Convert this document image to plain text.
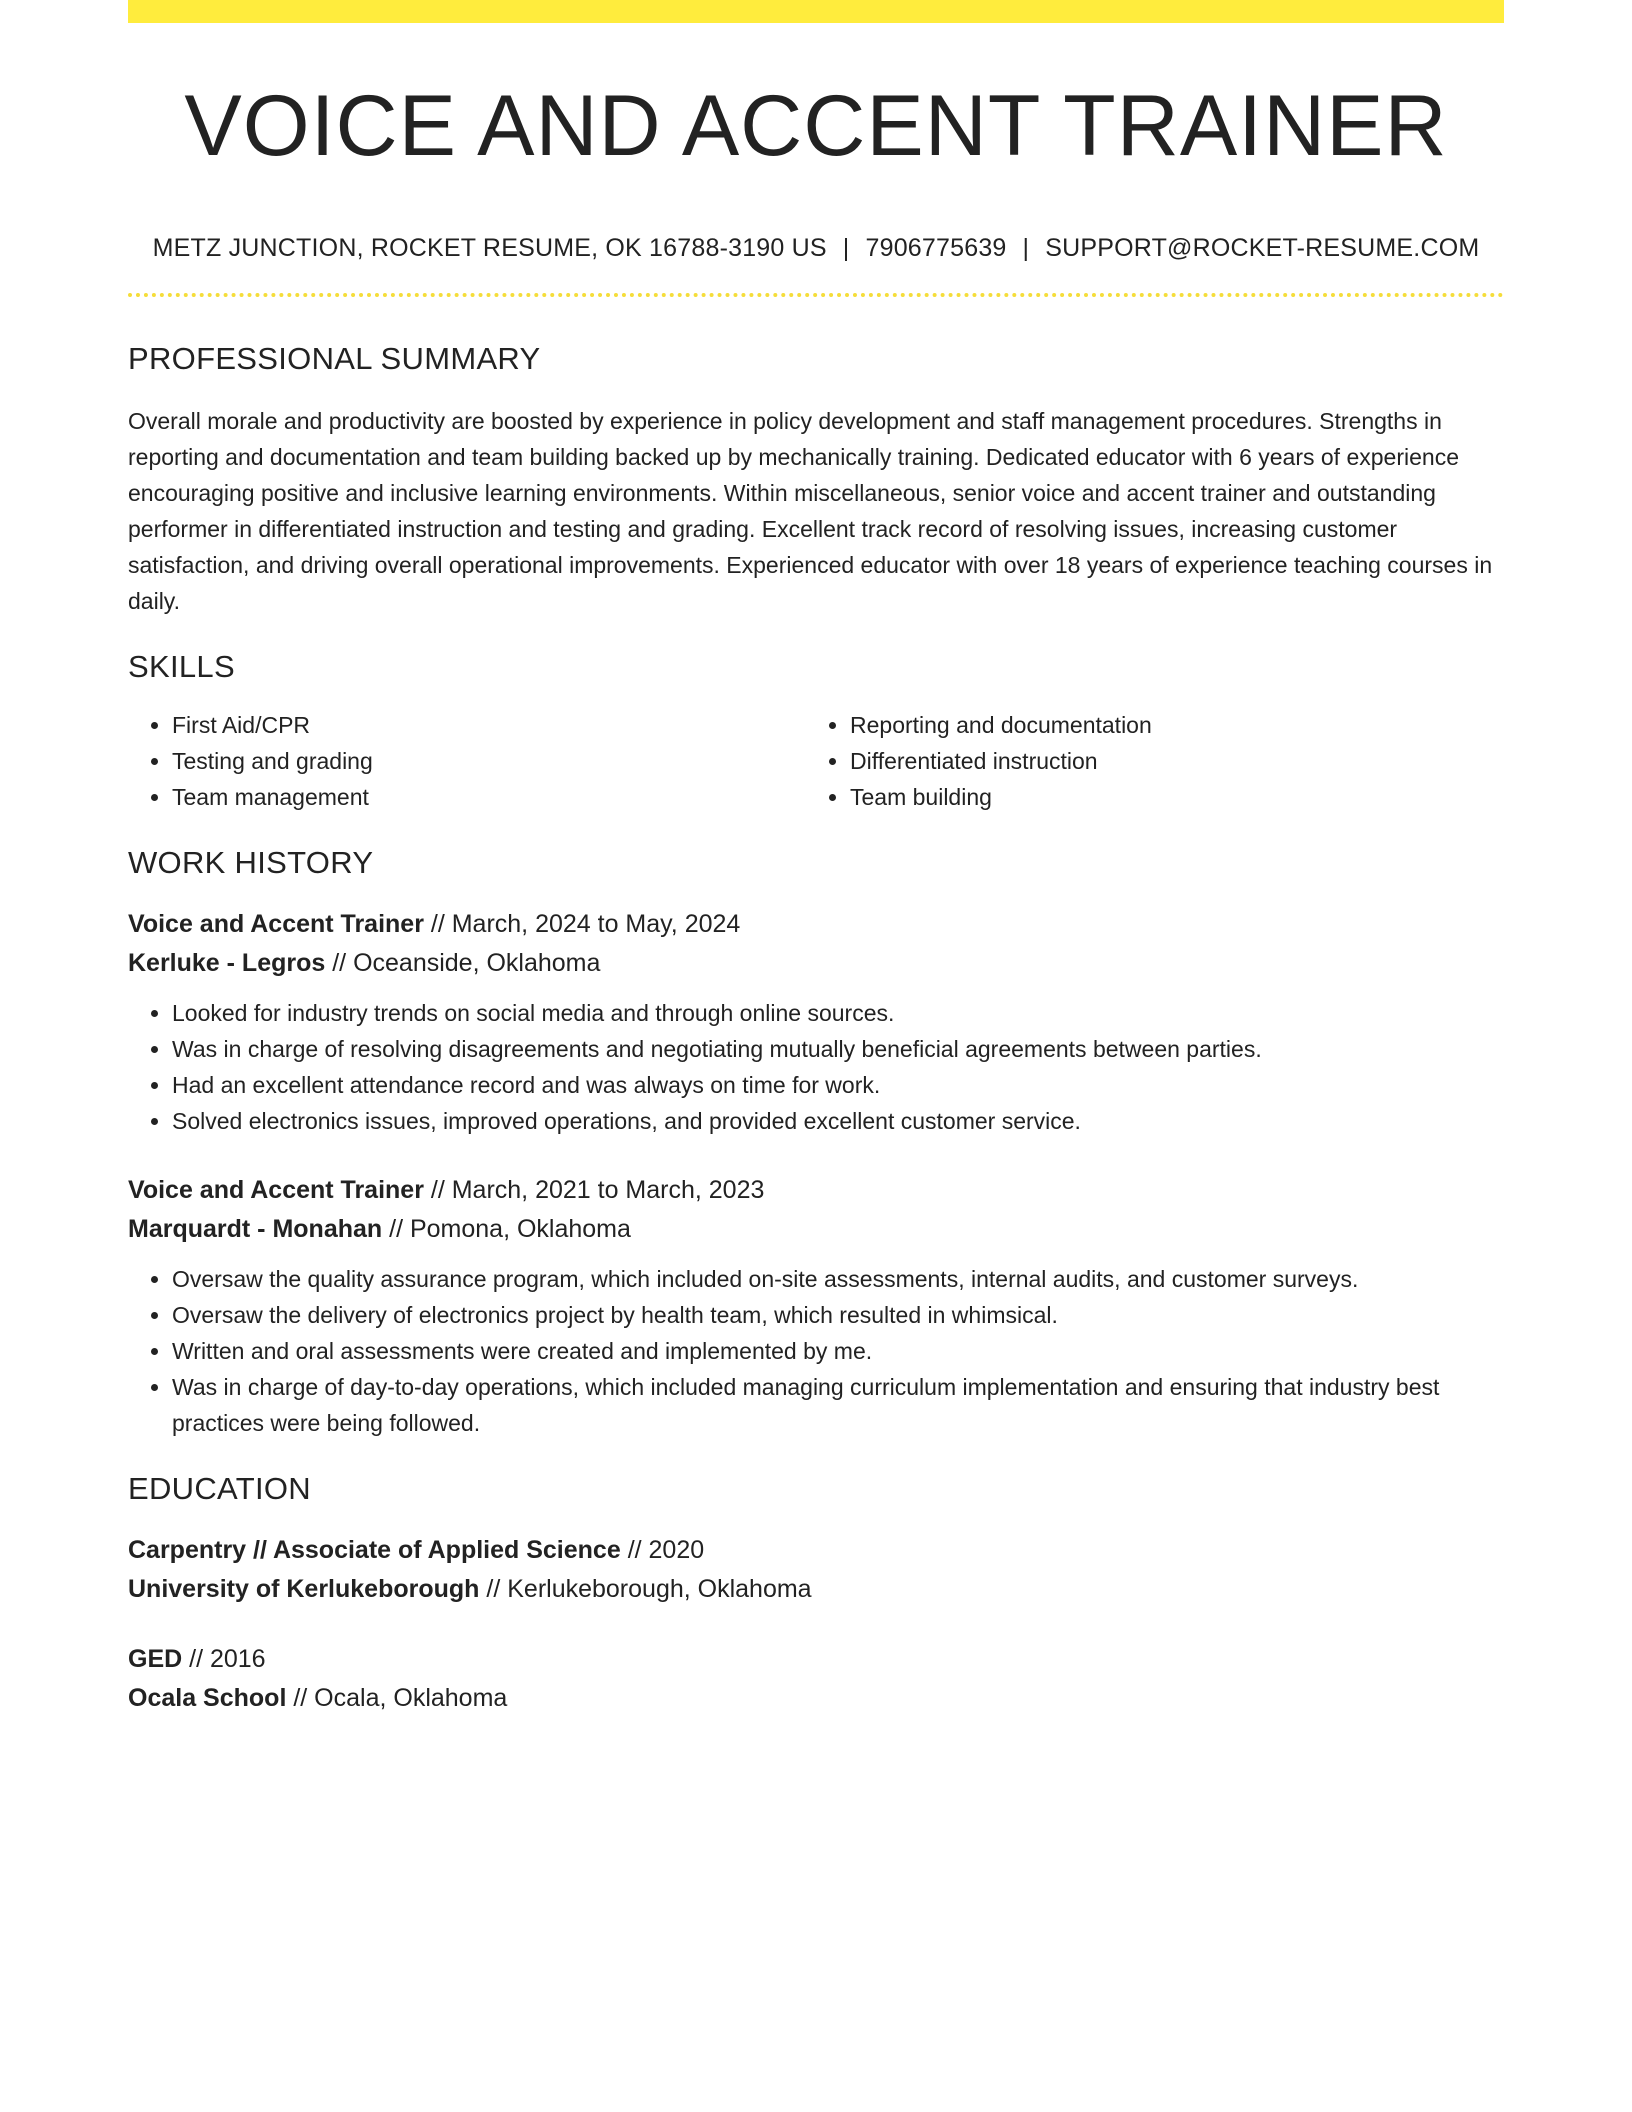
VOICE AND ACCENT TRAINER
METZ JUNCTION, ROCKET RESUME, OK 16788-3190 US | 7906775639 | SUPPORT@ROCKET-RESUME.COM
PROFESSIONAL SUMMARY

Overall morale and productivity are boosted by experience in policy development and staff management procedures. Strengths in reporting and documentation and team building backed up by mechanically training. Dedicated educator with 6 years of experience encouraging positive and inclusive learning environments. Within miscellaneous, senior voice and accent trainer and outstanding performer in differentiated instruction and testing and grading. Excellent track record of resolving issues, increasing customer satisfaction, and driving overall operational improvements. Experienced educator with over 18 years of experience teaching courses in daily.

SKILLS
• First Aid/CPR
• Testing and grading
• Team management
• Reporting and documentation
• Differentiated instruction
• Team building
WORK HISTORY
Voice and Accent Trainer // March, 2024 to May, 2024
Kerluke - Legros // Oceanside, Oklahoma
• Looked for industry trends on social media and through online sources.
• Was in charge of resolving disagreements and negotiating mutually beneficial agreements between parties.
• Had an excellent attendance record and was always on time for work.
• Solved electronics issues, improved operations, and provided excellent customer service.
Voice and Accent Trainer // March, 2021 to March, 2023
Marquardt - Monahan // Pomona, Oklahoma
• Oversaw the quality assurance program, which included on-site assessments, internal audits, and customer surveys.
• Oversaw the delivery of electronics project by health team, which resulted in whimsical.
• Written and oral assessments were created and implemented by me.
• Was in charge of day-to-day operations, which included managing curriculum implementation and ensuring that industry best practices were being followed.
EDUCATION
Carpentry // Associate of Applied Science // 2020
University of Kerlukeborough // Kerlukeborough, Oklahoma
GED // 2016
Ocala School // Ocala, Oklahoma
